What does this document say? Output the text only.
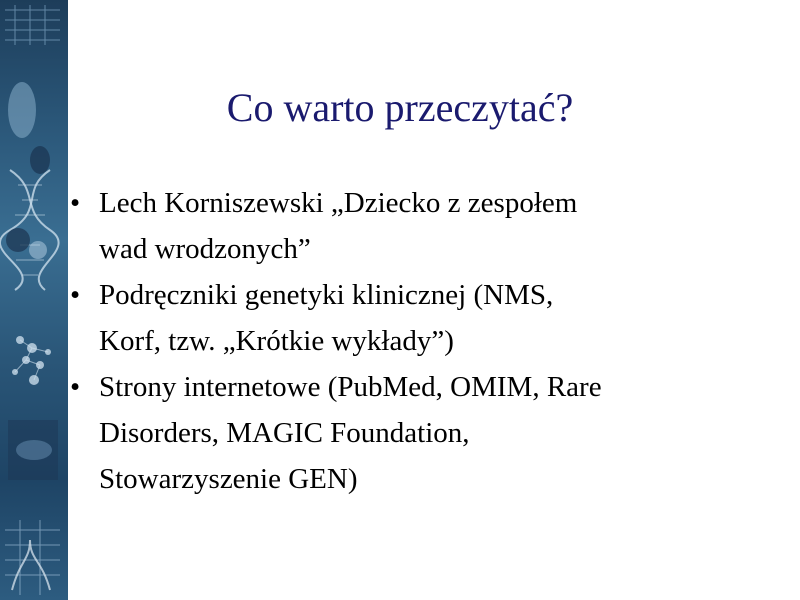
Co warto przeczytać?
• Lech Korniszewski „Dziecko z zespołem
wad wrodzonych”
• Podręczniki genetyki klinicznej (NMS,
Korf, tzw. „Krótkie wykłady”)
• Strony internetowe (PubMed, OMIM, Rare
Disorders, MAGIC Foundation,
Stowarzyszenie GEN)
